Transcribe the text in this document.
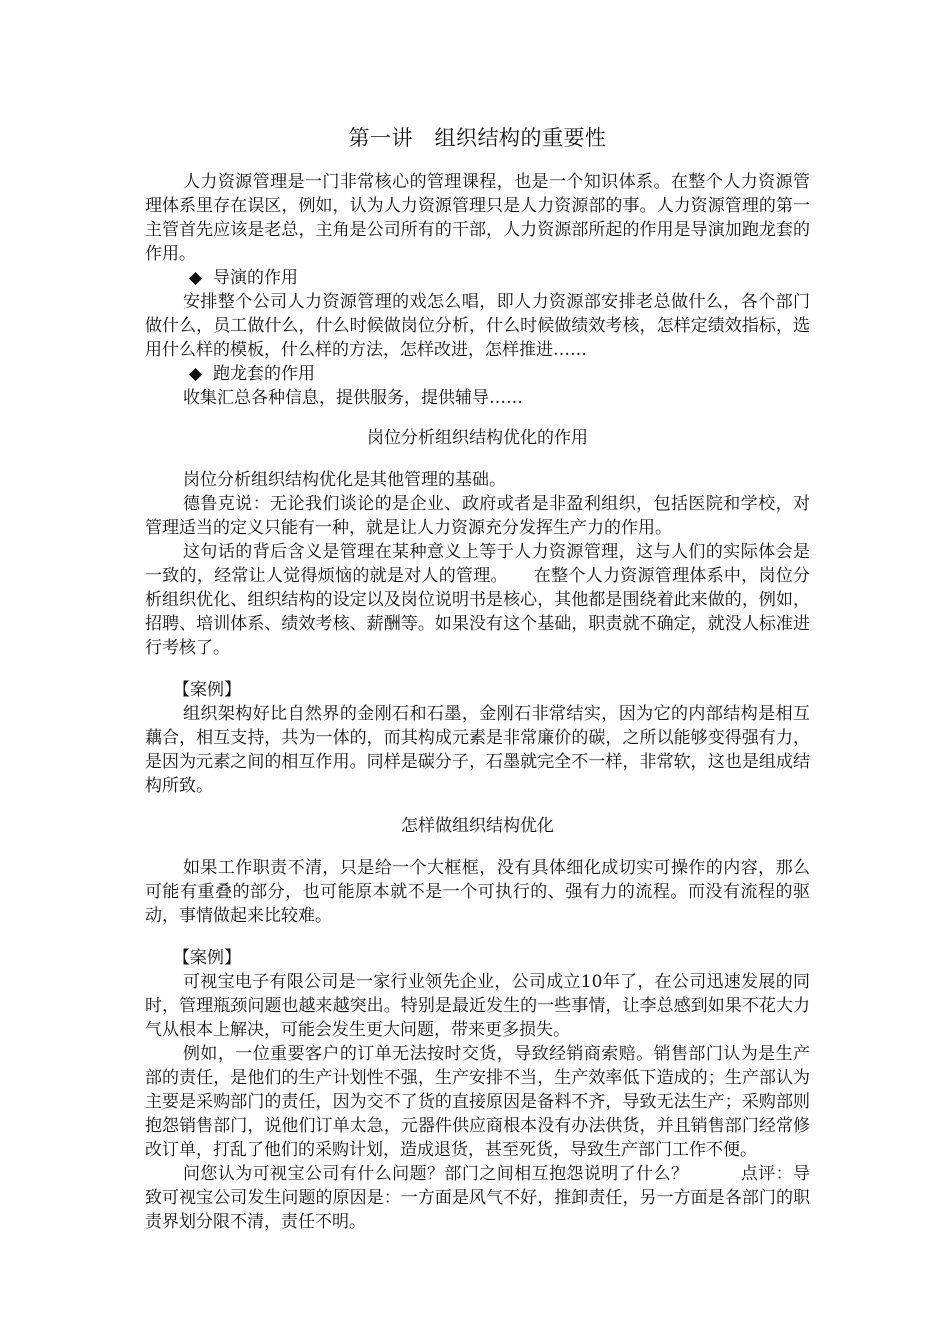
第一讲　组织结构的重要性

人力资源管理是一门非常核心的管理课程，也是一个知识体系。在整个人力资源管理体系里存在误区，例如，认为人力资源管理只是人力资源部的事。人力资源管理的第一主管首先应该是老总，主角是公司所有的干部，人力资源部所起的作用是导演加跑龙套的作用。

◆ 导演的作用

安排整个公司人力资源管理的戏怎么唱，即人力资源部安排老总做什么，各个部门做什么，员工做什么，什么时候做岗位分析，什么时候做绩效考核，怎样定绩效指标，选用什么样的模板，什么样的方法，怎样改进，怎样推进……

◆ 跑龙套的作用

收集汇总各种信息，提供服务，提供辅导……

岗位分析组织结构优化的作用

岗位分析组织结构优化是其他管理的基础。

德鲁克说：无论我们谈论的是企业、政府或者是非盈利组织，包括医院和学校，对管理适当的定义只能有一种，就是让人力资源充分发挥生产力的作用。

这句话的背后含义是管理在某种意义上等于人力资源管理，这与人们的实际体会是一致的，经常让人觉得烦恼的就是对人的管理。　　在整个人力资源管理体系中，岗位分析组织优化、组织结构的设定以及岗位说明书是核心，其他都是围绕着此来做的，例如，招聘、培训体系、绩效考核、薪酬等。如果没有这个基础，职责就不确定，就没人标准进行考核了。

【案例】

组织架构好比自然界的金刚石和石墨，金刚石非常结实，因为它的内部结构是相互藕合，相互支持，共为一体的，而其构成元素是非常廉价的碳，之所以能够变得强有力，是因为元素之间的相互作用。同样是碳分子，石墨就完全不一样，非常软，这也是组成结构所致。

怎样做组织结构优化

如果工作职责不清，只是给一个大框框，没有具体细化成切实可操作的内容，那么可能有重叠的部分，也可能原本就不是一个可执行的、强有力的流程。而没有流程的驱动，事情做起来比较难。

【案例】

可视宝电子有限公司是一家行业领先企业，公司成立10年了，在公司迅速发展的同时，管理瓶颈问题也越来越突出。特别是最近发生的一些事情，让李总感到如果不花大力气从根本上解决，可能会发生更大问题，带来更多损失。

例如，一位重要客户的订单无法按时交货，导致经销商索赔。销售部门认为是生产部的责任，是他们的生产计划性不强，生产安排不当，生产效率低下造成的；生产部认为主要是采购部门的责任，因为交不了货的直接原因是备料不齐，导致无法生产；采购部则抱怨销售部门，说他们订单太急，元器件供应商根本没有办法供货，并且销售部门经常修改订单，打乱了他们的采购计划，造成退货，甚至死货，导致生产部门工作不便。

问您认为可视宝公司有什么问题？部门之间相互抱怨说明了什么？　　　点评：导致可视宝公司发生问题的原因是：一方面是风气不好，推卸责任，另一方面是各部门的职责界划分限不清，责任不明。
